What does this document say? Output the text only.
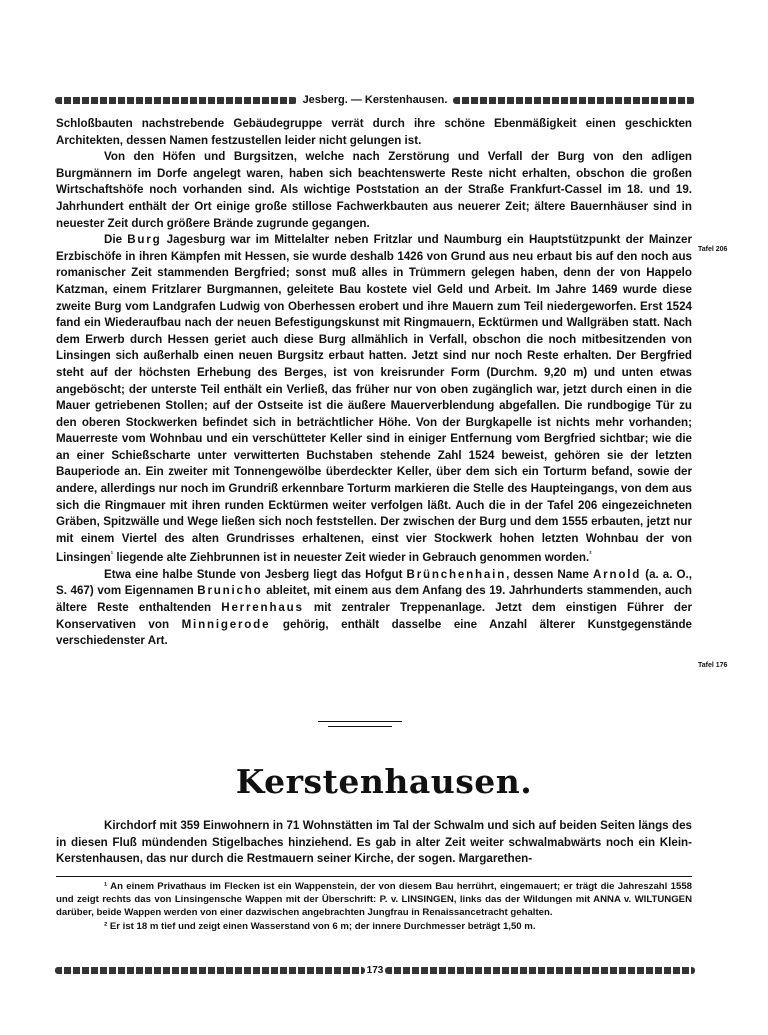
Jesberg. — Kerstenhausen.

Schloßbauten nachstrebende Gebäudegruppe verrät durch ihre schöne Ebenmäßigkeit einen geschickten Architekten, dessen Namen festzustellen leider nicht gelungen ist.

Von den Höfen und Burgsitzen, welche nach Zerstörung und Verfall der Burg von den adligen Burgmännern im Dorfe angelegt waren, haben sich beachtenswerte Reste nicht erhalten, obschon die großen Wirtschaftshöfe noch vorhanden sind. Als wichtige Poststation an der Straße Frankfurt-Cassel im 18. und 19. Jahrhundert enthält der Ort einige große stillose Fachwerkbauten aus neuerer Zeit; ältere Bauernhäuser sind in neuester Zeit durch größere Brände zugrunde gegangen.

Die Burg Jagesburg war im Mittelalter neben Fritzlar und Naumburg ein Hauptstützpunkt der Mainzer Erzbischöfe in ihren Kämpfen mit Hessen, sie wurde deshalb 1426 von Grund aus neu erbaut bis auf den noch aus romanischer Zeit stammenden Bergfried; sonst muß alles in Trümmern gelegen haben, denn der von Happelo Katzman, einem Fritzlarer Burgmannen, geleitete Bau kostete viel Geld und Arbeit. Im Jahre 1469 wurde diese zweite Burg vom Landgrafen Ludwig von Oberhessen erobert und ihre Mauern zum Teil niedergeworfen. Erst 1524 fand ein Wiederaufbau nach der neuen Befestigungskunst mit Ringmauern, Ecktürmen und Wallgräben statt. Nach dem Erwerb durch Hessen geriet auch diese Burg allmählich in Verfall, obschon die noch mitbesitzenden von Linsingen sich außerhalb einen neuen Burgsitz erbaut hatten. Jetzt sind nur noch Reste erhalten. Der Bergfried steht auf der höchsten Erhebung des Berges, ist von kreisrunder Form (Durchm. 9,20 m) und unten etwas angeböscht; der unterste Teil enthält ein Verließ, das früher nur von oben zugänglich war, jetzt durch einen in die Mauer getriebenen Stollen; auf der Ostseite ist die äußere Mauerverblendung abgefallen. Die rundbogige Tür zu den oberen Stockwerken befindet sich in beträchtlicher Höhe. Von der Burgkapelle ist nichts mehr vorhanden; Mauerreste vom Wohnbau und ein verschütteter Keller sind in einiger Entfernung vom Bergfried sichtbar; wie die an einer Schießscharte unter verwitterten Buchstaben stehende Zahl 1524 beweist, gehören sie der letzten Bauperiode an. Ein zweiter mit Tonnengewölbe überdeckter Keller, über dem sich ein Torturm befand, sowie der andere, allerdings nur noch im Grundriß erkennbare Torturm markieren die Stelle des Haupteingangs, von dem aus sich die Ringmauer mit ihren runden Ecktürmen weiter verfolgen läßt. Auch die in der Tafel 206 eingezeichneten Gräben, Spitzwälle und Wege ließen sich noch feststellen. Der zwischen der Burg und dem 1555 erbauten, jetzt nur mit einem Viertel des alten Grundrisses erhaltenen, einst vier Stockwerk hohen letzten Wohnbau der von Linsingen$^{^1}$ liegende alte Ziehbrunnen ist in neuester Zeit wieder in Gebrauch genommen worden.$^{^2}$

Etwa eine halbe Stunde von Jesberg liegt das Hofgut Brünchenhain, dessen Name Arnold (a. a. O., S. 467) vom Eigennamen Brunicho ableitet, mit einem aus dem Anfang des 19. Jahrhunderts stammenden, auch ältere Reste enthaltenden Herrenhaus mit zentraler Treppenanlage. Jetzt dem einstigen Führer der Konservativen von Minnigerode gehörig, enthält dasselbe eine Anzahl älterer Kunstgegenstände verschiedenster Art.

Tafel 206
Tafel 176
Kerstenhausen.

Kirchdorf mit 359 Einwohnern in 71 Wohnstätten im Tal der Schwalm und sich auf beiden Seiten längs des in diesen Fluß mündenden Stigelbaches hinziehend. Es gab in alter Zeit weiter schwalmabwärts noch ein Klein-Kerstenhausen, das nur durch die Restmauern seiner Kirche, der sogen. Margarethen-

¹ An einem Privathaus im Flecken ist ein Wappenstein, der von diesem Bau herrührt, eingemauert; er trägt die Jahreszahl 1558 und zeigt rechts das von Linsingensche Wappen mit der Überschrift: P. v. LINSINGEN, links das der Wildungen mit ANNA v. WILTUNGEN darüber, beide Wappen werden von einer dazwischen angebrachten Jungfrau in Renaissancetracht gehalten.

² Er ist 18 m tief und zeigt einen Wasserstand von 6 m; der innere Durchmesser beträgt 1,50 m.

173
